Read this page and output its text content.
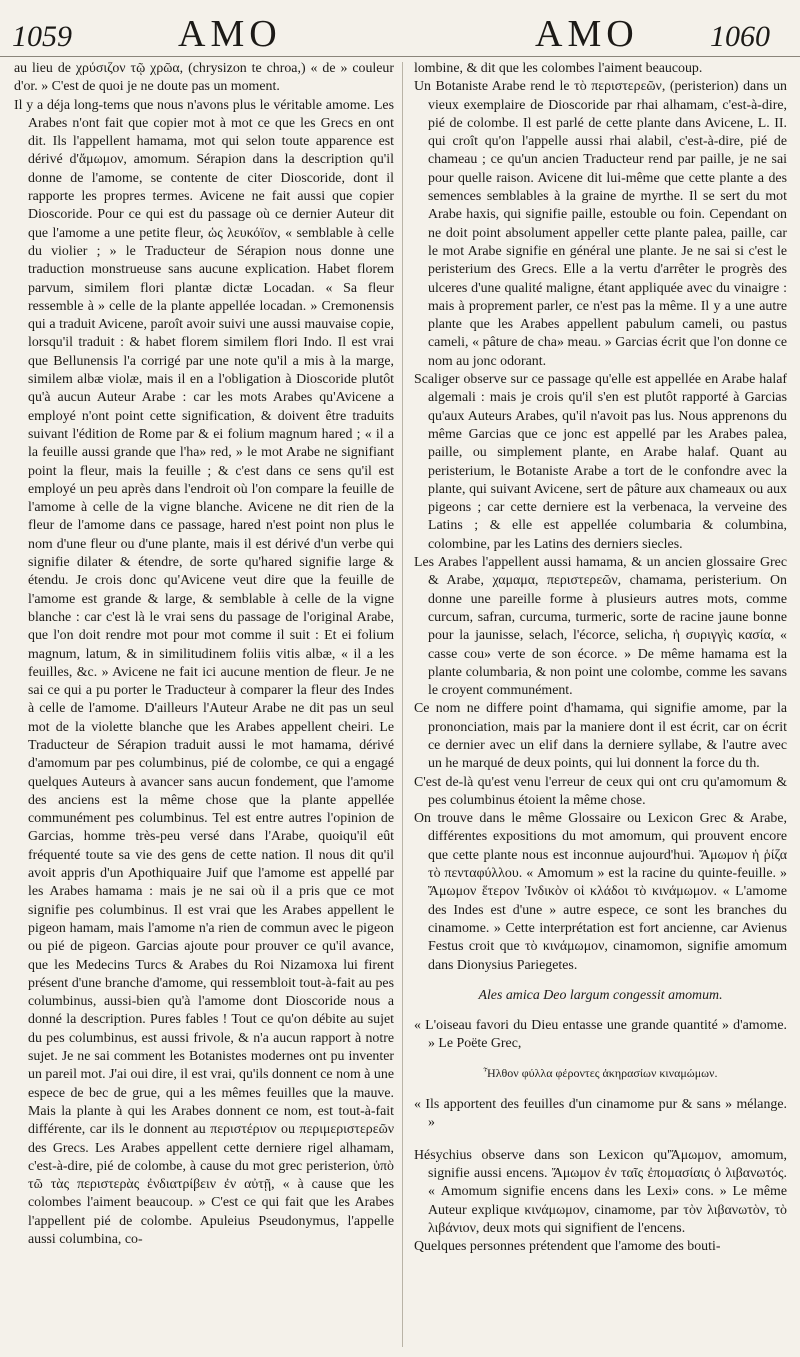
1059	AMO	AMO 1060

au lieu de χρύσιζον τῷ χρῶα, (chrysizon te chroa,) « de » couleur d'or. » C'est de quoi je ne doute pas un moment.

Il y a déja long-tems que nous n'avons plus le véritable amome. Les Arabes n'ont fait que copier mot à mot ce que les Grecs en ont dit. Ils l'appellent hamama, mot qui selon toute apparence est dérivé d'ἄμωμον, amomum. Sérapion dans la description qu'il donne de l'amome, se contente de citer Dioscoride, dont il rapporte les propres termes. Avicene ne fait aussi que copier Dioscoride. Pour ce qui est du passage où ce dernier Auteur dit que l'amome a une petite fleur, ὡς λευκόϊον, « semblable à celle du violier ; » le Traducteur de Sérapion nous donne une traduction monstrueuse sans aucune explication. Habet florem parvum, similem flori plantæ dictæ Locadan. « Sa fleur ressemble à » celle de la plante appellée locadan. » Cremonensis qui a traduit Avicene, paroît avoir suivi une aussi mauvaise copie, lorsqu'il traduit : & habet florem similem flori Indo. Il est vrai que Bellunensis l'a corrigé par une note qu'il a mis à la marge, similem albæ violæ, mais il en a l'obligation à Dioscoride plutôt qu'à aucun Auteur Arabe : car les mots Arabes qu'Avicene a employé n'ont point cette signification, & doivent être traduits suivant l'édition de Rome par & ei folium magnum hared ; « il a la feuille aussi grande que l'ha» red, » le mot Arabe ne signifiant point la fleur, mais la feuille ; & c'est dans ce sens qu'il est employé un peu après dans l'endroit où l'on compare la feuille de l'amome à celle de la vigne blanche. Avicene ne dit rien de la fleur de l'amome dans ce passage, hared n'est point non plus le nom d'une fleur ou d'une plante, mais il est dérivé d'un verbe qui signifie dilater & étendre, de sorte qu'hared signifie large & étendu. Je crois donc qu'Avicene veut dire que la feuille de l'amome est grande & large, & semblable à celle de la vigne blanche : car c'est là le vrai sens du passage de l'original Arabe, que l'on doit rendre mot pour mot comme il suit : Et ei folium magnum, latum, & in similitudinem foliis vitis albæ, « il a les feuilles, &c. » Avicene ne fait ici aucune mention de fleur. Je ne sai ce qui a pu porter le Traducteur à comparer la fleur des Indes à celle de l'amome. D'ailleurs l'Auteur Arabe ne dit pas un seul mot de la violette blanche que les Arabes appellent cheiri. Le Traducteur de Sérapion traduit aussi le mot hamama, dérivé d'amomum par pes columbinus, pié de colombe, ce qui a engagé quelques Auteurs à avancer sans aucun fondement, que l'amome des anciens est la même chose que la plante appellée communément pes columbinus. Tel est entre autres l'opinion de Garcias, homme très-peu versé dans l'Arabe, quoiqu'il eût fréquenté toute sa vie des gens de cette nation. Il nous dit qu'il avoit appris d'un Apothiquaire Juif que l'amome est appellé par les Arabes hamama : mais je ne sai où il a pris que ce mot signifie pes columbinus. Il est vrai que les Arabes appellent le pigeon hamam, mais l'amome n'a rien de commun avec le pigeon ou pié de pigeon. Garcias ajoute pour prouver ce qu'il avance, que les Medecins Turcs & Arabes du Roi Nizamoxa lui firent présent d'une branche d'amome, qui ressembloit tout-à-fait au pes columbinus, aussi-bien qu'à l'amome dont Dioscoride nous a donné la description. Pures fables ! Tout ce qu'on débite au sujet du pes columbinus, est aussi frivole, & n'a aucun rapport à notre sujet. Je ne sai comment les Botanistes modernes ont pu inventer un pareil mot. J'ai oui dire, il est vrai, qu'ils donnent ce nom à une espece de bec de grue, qui a les mêmes feuilles que la mauve. Mais la plante à qui les Arabes donnent ce nom, est tout-à-fait différente, car ils le donnent au περιστέριον ou περιμεριστερεῶν des Grecs. Les Arabes appellent cette derniere rigel alhamam, c'est-à-dire, pié de colombe, à cause du mot grec peristerion, ὑπὸ τῶ τὰς περιστερὰς ἐνδιατρίβειν ἐν αὐτῇ, « à cause que les colombes l'aiment beaucoup. » C'est ce qui fait que les Arabes l'appellent pié de colombe. Apuleius Pseudonymus, l'appelle aussi columbina, co-

lombine, & dit que les colombes l'aiment beaucoup.

Un Botaniste Arabe rend le τὸ περιστερεῶν, (peristerion) dans un vieux exemplaire de Dioscoride par rhai alhamam, c'est-à-dire, pié de colombe. Il est parlé de cette plante dans Avicene, L. II. qui croît qu'on l'appelle aussi rhai alabil, c'est-à-dire, pié de chameau ; ce qu'un ancien Traducteur rend par paille, je ne sai pour quelle raison. Avicene dit lui-même que cette plante a des semences semblables à la graine de myrthe. Il se sert du mot Arabe haxis, qui signifie paille, estouble ou foin. Cependant on ne doit point absolument appeller cette plante palea, paille, car le mot Arabe signifie en général une plante. Je ne sai si c'est le peristerium des Grecs. Elle a la vertu d'arrêter le progrès des ulceres d'une qualité maligne, étant appliquée avec du vinaigre : mais à proprement parler, ce n'est pas la même. Il y a une autre plante que les Arabes appellent pabulum cameli, ou pastus cameli, « pâture de cha» meau. » Garcias écrit que l'on donne ce nom au jonc odorant.

Scaliger observe sur ce passage qu'elle est appellée en Arabe halaf algemali : mais je crois qu'il s'en est plutôt rapporté à Garcias qu'aux Auteurs Arabes, qu'il n'avoit pas lus. Nous apprenons du même Garcias que ce jonc est appellé par les Arabes palea, paille, ou simplement plante, en Arabe halaf. Quant au peristerium, le Botaniste Arabe a tort de le confondre avec la plante, qui suivant Avicene, sert de pâture aux chameaux ou aux pigeons ; car cette derniere est la verbenaca, la verveine des Latins ; & elle est appellée columbaria & columbina, colombine, par les Latins des derniers siecles.

Les Arabes l'appellent aussi hamama, & un ancien glossaire Grec & Arabe, χαμαμα, περιστερεῶν, chamama, peristerium. On donne une pareille forme à plusieurs autres mots, comme curcum, safran, curcuma, turmeric, sorte de racine jaune bonne pour la jaunisse, selach, l'écorce, selicha, ἡ συριγγὶς κασία, « casse cou» verte de son écorce. » De même hamama est la plante columbaria, & non point une colombe, comme les savans le croyent communément.

Ce nom ne differe point d'hamama, qui signifie amome, par la prononciation, mais par la maniere dont il est écrit, car on écrit ce dernier avec un elif dans la derniere syllabe, & l'autre avec un he marqué de deux points, qui lui donnent la force du th.

C'est de-là qu'est venu l'erreur de ceux qui ont cru qu'amomum & pes columbinus étoient la même chose.

On trouve dans le même Glossaire ou Lexicon Grec & Arabe, différentes expositions du mot amomum, qui prouvent encore que cette plante nous est inconnue aujourd'hui. Ἄμωμον ἡ ῥίζα τὸ πενταφύλλου. « Amomum » est la racine du quinte-feuille. » Ἄμωμον ἕτερον Ἰνδικὸν οἱ κλάδοι τὸ κινάμωμον. « L'amome des Indes est d'une » autre espece, ce sont les branches du cinamome. » Cette interprétation est fort ancienne, car Avienus Festus croit que τὸ κινάμωμον, cinamomon, signifie amomum dans Dionysius Pariegetes.

Ales amica Deo largum congessit amomum.

« L'oiseau favori du Dieu entasse une grande quantité » d'amome. » Le Poëte Grec,

Ἦλθον φύλλα φέροντες ἀκηρασίων κιναμώμων.

« Ils apportent des feuilles d'un cinamome pur & sans » mélange. »

Hésychius observe dans son Lexicon qu'Ἄμωμον, amomum, signifie aussi encens. Ἄμωμον ἐν ταῖς ἐπομασίαις ὁ λιβανωτός. « Amomum signifie encens dans les Lexi» cons. » Le même Auteur explique κινάμωμον, cinamome, par τὸν λιβανωτὸν, τὸ λιβάνιον, deux mots qui signifient de l'encens.

Quelques personnes prétendent que l'amome des bouti-
